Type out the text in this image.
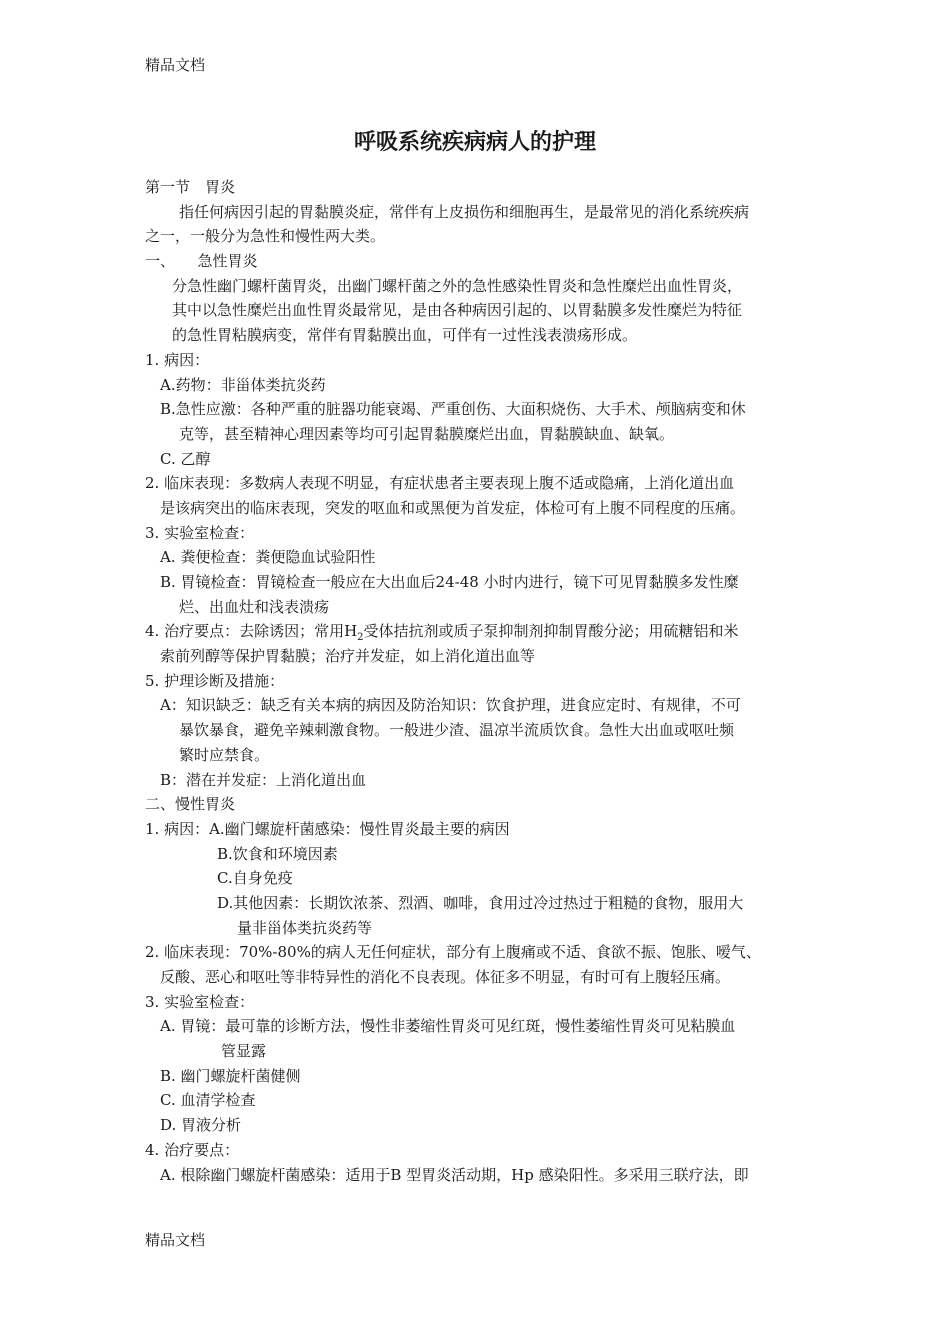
精品文档
呼吸系统疾病病人的护理
第一节　胃炎
指任何病因引起的胃黏膜炎症，常伴有上皮损伤和细胞再生，是最常见的消化系统疾病
之一，一般分为急性和慢性两大类。
一、　　急性胃炎
分急性幽门螺杆菌胃炎，出幽门螺杆菌之外的急性感染性胃炎和急性糜烂出血性胃炎，
其中以急性糜烂出血性胃炎最常见，是由各种病因引起的、以胃黏膜多发性糜烂为特征
的急性胃粘膜病变，常伴有胃黏膜出血，可伴有一过性浅表溃疡形成。
1. 病因：
A.药物：非甾体类抗炎药
B.急性应激：各种严重的脏器功能衰竭、严重创伤、大面积烧伤、大手术、颅脑病变和休
克等，甚至精神心理因素等均可引起胃黏膜糜烂出血，胃黏膜缺血、缺氧。
C. 乙醇
2. 临床表现：多数病人表现不明显，有症状患者主要表现上腹不适或隐痛，上消化道出血
是该病突出的临床表现，突发的呕血和或黑便为首发症，体检可有上腹不同程度的压痛。
3. 实验室检查：
A. 粪便检查：粪便隐血试验阳性
B. 胃镜检查：胃镜检查一般应在大出血后24-48 小时内进行，镜下可见胃黏膜多发性糜
烂、出血灶和浅表溃疡
4. 治疗要点：去除诱因；常用$H_2$受体拮抗剂或质子泵抑制剂抑制胃酸分泌；用硫糖铝和米
索前列醇等保护胃黏膜；治疗并发症，如上消化道出血等
5. 护理诊断及措施：
A：知识缺乏：缺乏有关本病的病因及防治知识：饮食护理，进食应定时、有规律，不可
暴饮暴食，避免辛辣刺激食物。一般进少渣、温凉半流质饮食。急性大出血或呕吐频
繁时应禁食。
B：潜在并发症：上消化道出血
二、慢性胃炎
1. 病因：A.幽门螺旋杆菌感染：慢性胃炎最主要的病因
B.饮食和环境因素
C.自身免疫
D.其他因素：长期饮浓茶、烈酒、咖啡，食用过冷过热过于粗糙的食物，服用大
量非甾体类抗炎药等
2. 临床表现：70%-80%的病人无任何症状，部分有上腹痛或不适、食欲不振、饱胀、嗳气、
反酸、恶心和呕吐等非特异性的消化不良表现。体征多不明显，有时可有上腹轻压痛。
3. 实验室检查：
A. 胃镜：最可靠的诊断方法，慢性非萎缩性胃炎可见红斑，慢性萎缩性胃炎可见粘膜血
管显露
B. 幽门螺旋杆菌健侧
C. 血清学检查
D. 胃液分析
4. 治疗要点：
A. 根除幽门螺旋杆菌感染：适用于B 型胃炎活动期，Hp 感染阳性。多采用三联疗法，即
精品文档
